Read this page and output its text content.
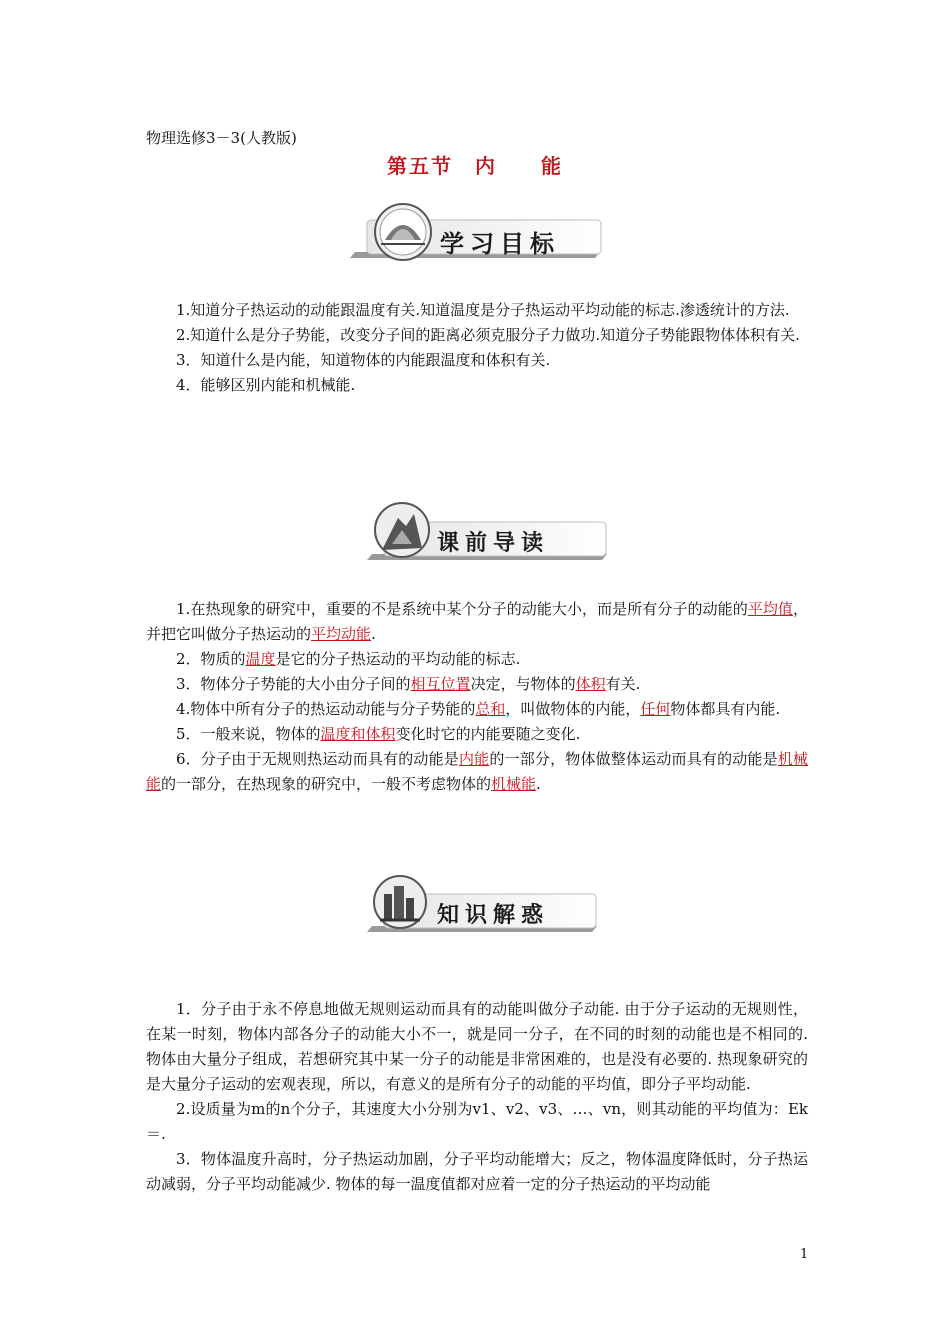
物理选修3－3(人教版)
第五节　内　　能
学习目标

1.知道分子热运动的动能跟温度有关.知道温度是分子热运动平均动能的标志.渗透统计的方法.

2.知道什么是分子势能，改变分子间的距离必须克服分子力做功.知道分子势能跟物体体积有关.

3．知道什么是内能，知道物体的内能跟温度和体积有关.

4．能够区别内能和机械能.

课前导读

1.在热现象的研究中，重要的不是系统中某个分子的动能大小，而是所有分子的动能的平均值，并把它叫做分子热运动的平均动能.

2．物质的温度是它的分子热运动的平均动能的标志.

3．物体分子势能的大小由分子间的相互位置决定，与物体的体积有关.

4.物体中所有分子的热运动动能与分子势能的总和，叫做物体的内能，任何物体都具有内能.

5．一般来说，物体的温度和体积变化时它的内能要随之变化.

6．分子由于无规则热运动而具有的动能是内能的一部分，物体做整体运动而具有的动能是机械能的一部分，在热现象的研究中，一般不考虑物体的机械能.

知识解惑

1．分子由于永不停息地做无规则运动而具有的动能叫做分子动能. 由于分子运动的无规则性，在某一时刻，物体内部各分子的动能大小不一，就是同一分子，在不同的时刻的动能也是不相同的. 物体由大量分子组成，若想研究其中某一分子的动能是非常困难的，也是没有必要的. 热现象研究的是大量分子运动的宏观表现，所以，有意义的是所有分子的动能的平均值，即分子平均动能.

2.设质量为m的n个分子，其速度大小分别为v1、v2、v3、…、vn，则其动能的平均值为：Ek＝.

3．物体温度升高时，分子热运动加剧，分子平均动能增大；反之，物体温度降低时，分子热运动减弱，分子平均动能减少. 物体的每一温度值都对应着一定的分子热运动的平均动能

1
